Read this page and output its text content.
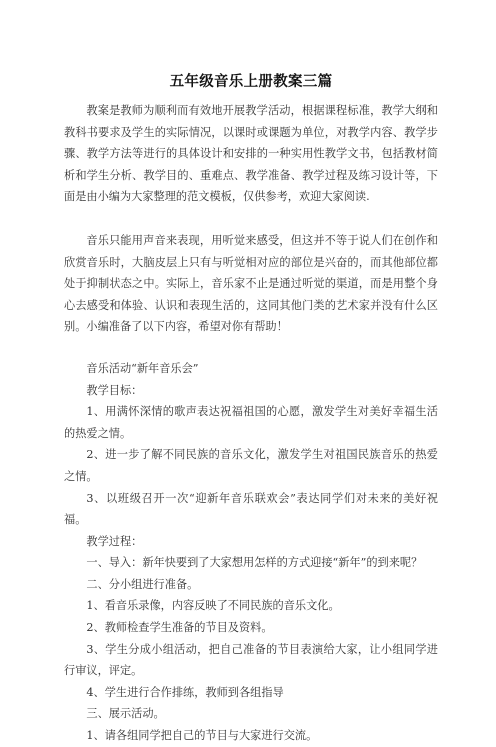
五年级音乐上册教案三篇

教案是教师为顺利而有效地开展教学活动，根据课程标准，教学大纲和教科书要求及学生的实际情况，以课时或课题为单位，对教学内容、教学步骤、教学方法等进行的具体设计和安排的一种实用性教学文书，包括教材简析和学生分析、教学目的、重难点、教学准备、教学过程及练习设计等，下面是由小编为大家整理的范文模板，仅供参考，欢迎大家阅读.

音乐只能用声音来表现，用听觉来感受，但这并不等于说人们在创作和欣赏音乐时，大脑皮层上只有与听觉相对应的部位是兴奋的，而其他部位都处于抑制状态之中。实际上，音乐家不止是通过听觉的渠道，而是用整个身心去感受和体验、认识和表现生活的，这同其他门类的艺术家并没有什么区别。小编准备了以下内容，希望对你有帮助！

音乐活动“新年音乐会”

教学目标：

1、用满怀深情的歌声表达祝福祖国的心愿，激发学生对美好幸福生活的热爱之情。

2、进一步了解不同民族的音乐文化，激发学生对祖国民族音乐的热爱之情。

3、以班级召开一次“迎新年音乐联欢会”表达同学们对未来的美好祝福。

教学过程：

一、导入：新年快要到了大家想用怎样的方式迎接“新年”的到来呢？

二、分小组进行准备。

1、看音乐录像，内容反映了不同民族的音乐文化。

2、教师检查学生准备的节目及资料。

3、学生分成小组活动，把自己准备的节目表演给大家，让小组同学进行审议，评定。

4、学生进行合作排练，教师到各组指导

三、展示活动。

1、请各组同学把自己的节目与大家进行交流。
